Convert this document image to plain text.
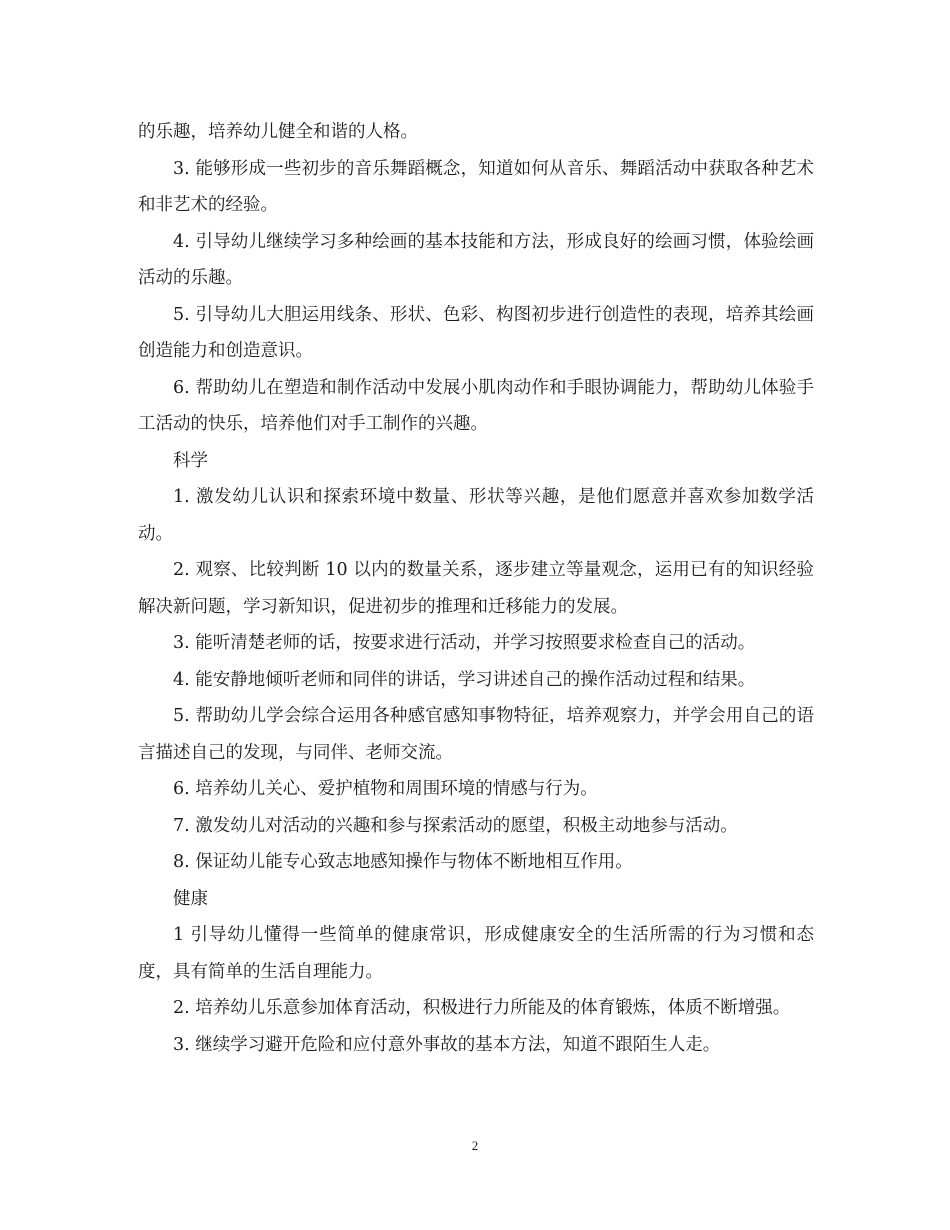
的乐趣，培养幼儿健全和谐的人格。

3. 能够形成一些初步的音乐舞蹈概念，知道如何从音乐、舞蹈活动中获取各种艺术和非艺术的经验。

4. 引导幼儿继续学习多种绘画的基本技能和方法，形成良好的绘画习惯，体验绘画活动的乐趣。

5. 引导幼儿大胆运用线条、形状、色彩、构图初步进行创造性的表现，培养其绘画创造能力和创造意识。

6. 帮助幼儿在塑造和制作活动中发展小肌肉动作和手眼协调能力，帮助幼儿体验手工活动的快乐，培养他们对手工制作的兴趣。

科学

1. 激发幼儿认识和探索环境中数量、形状等兴趣，是他们愿意并喜欢参加数学活动。

2. 观察、比较判断 10 以内的数量关系，逐步建立等量观念，运用已有的知识经验解决新问题，学习新知识，促进初步的推理和迁移能力的发展。

3. 能听清楚老师的话，按要求进行活动，并学习按照要求检查自己的活动。

4. 能安静地倾听老师和同伴的讲话，学习讲述自己的操作活动过程和结果。

5. 帮助幼儿学会综合运用各种感官感知事物特征，培养观察力，并学会用自己的语言描述自己的发现，与同伴、老师交流。

6. 培养幼儿关心、爱护植物和周围环境的情感与行为。

7. 激发幼儿对活动的兴趣和参与探索活动的愿望，积极主动地参与活动。

8. 保证幼儿能专心致志地感知操作与物体不断地相互作用。

健康

1 引导幼儿懂得一些简单的健康常识，形成健康安全的生活所需的行为习惯和态度，具有简单的生活自理能力。

2. 培养幼儿乐意参加体育活动，积极进行力所能及的体育锻炼，体质不断增强。

3. 继续学习避开危险和应付意外事故的基本方法，知道不跟陌生人走。

2
